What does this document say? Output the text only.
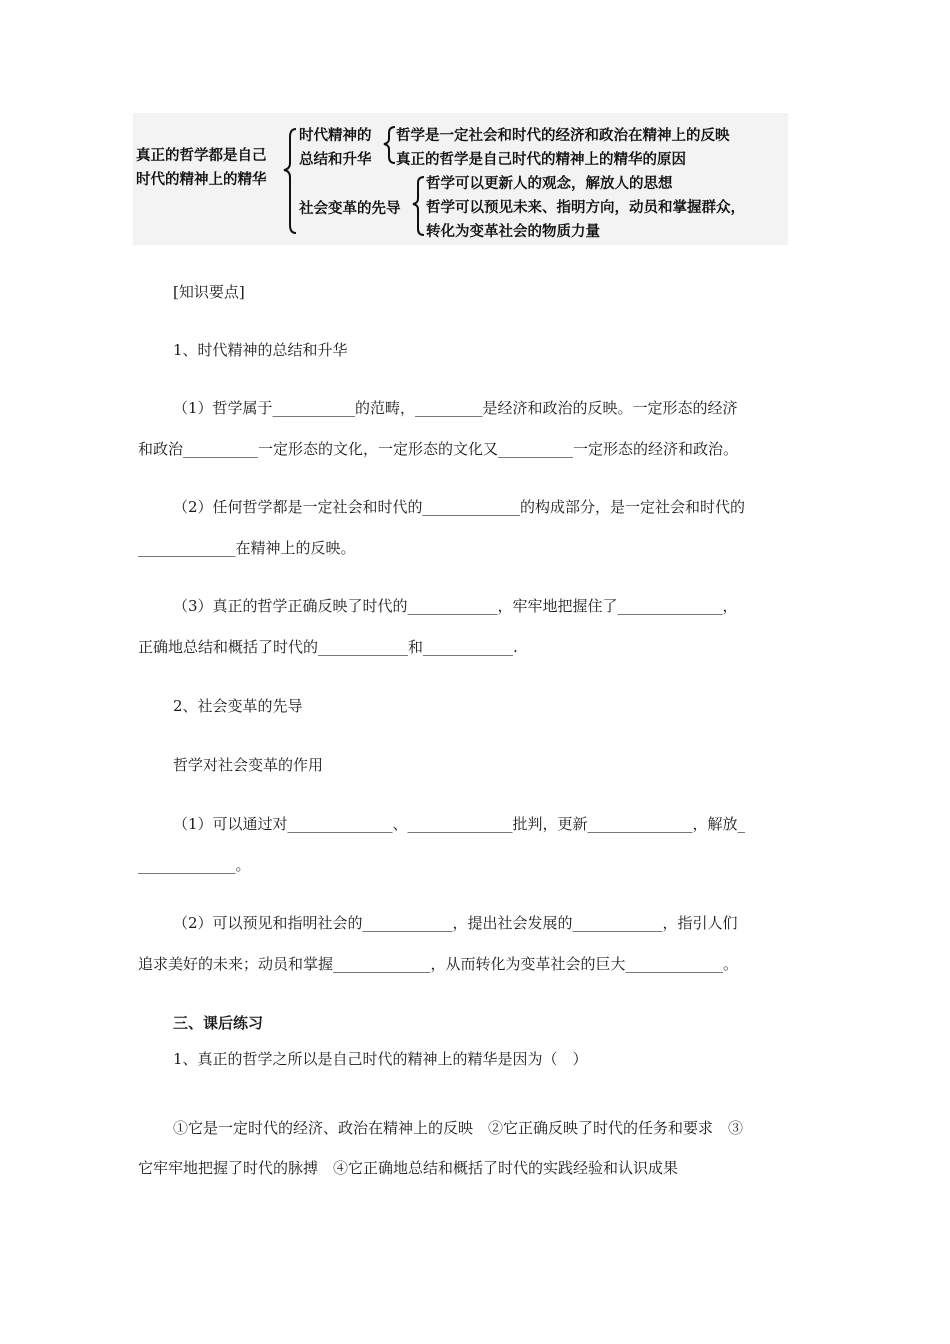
真正的哲学都是自己
时代的精神上的精华
时代精神的
总结和升华
哲学是一定社会和时代的经济和政治在精神上的反映
真正的哲学是自己时代的精神上的精华的原因
社会变革的先导
哲学可以更新人的观念，解放人的思想
哲学可以预见未来、指明方向，动员和掌握群众，
转化为变革社会的物质力量
[知识要点]
1、时代精神的总结和升华
（1）哲学属于___________的范畴，_________是经济和政治的反映。一定形态的经济
和政治__________一定形态的文化，一定形态的文化又__________一定形态的经济和政治。
（2）任何哲学都是一定社会和时代的_____________的构成部分，是一定社会和时代的
_____________在精神上的反映。
（3）真正的哲学正确反映了时代的____________，牢牢地把握住了______________，
正确地总结和概括了时代的____________和____________.
2、社会变革的先导
哲学对社会变革的作用
（1）可以通过对______________、______________批判，更新______________，解放_
_____________。
（2）可以预见和指明社会的____________，提出社会发展的____________，指引人们
追求美好的未来；动员和掌握_____________，从而转化为变革社会的巨大_____________。
三、课后练习
1、真正的哲学之所以是自己时代的精神上的精华是因为（　）
①它是一定时代的经济、政治在精神上的反映　②它正确反映了时代的任务和要求　③
它牢牢地把握了时代的脉搏　④它正确地总结和概括了时代的实践经验和认识成果
